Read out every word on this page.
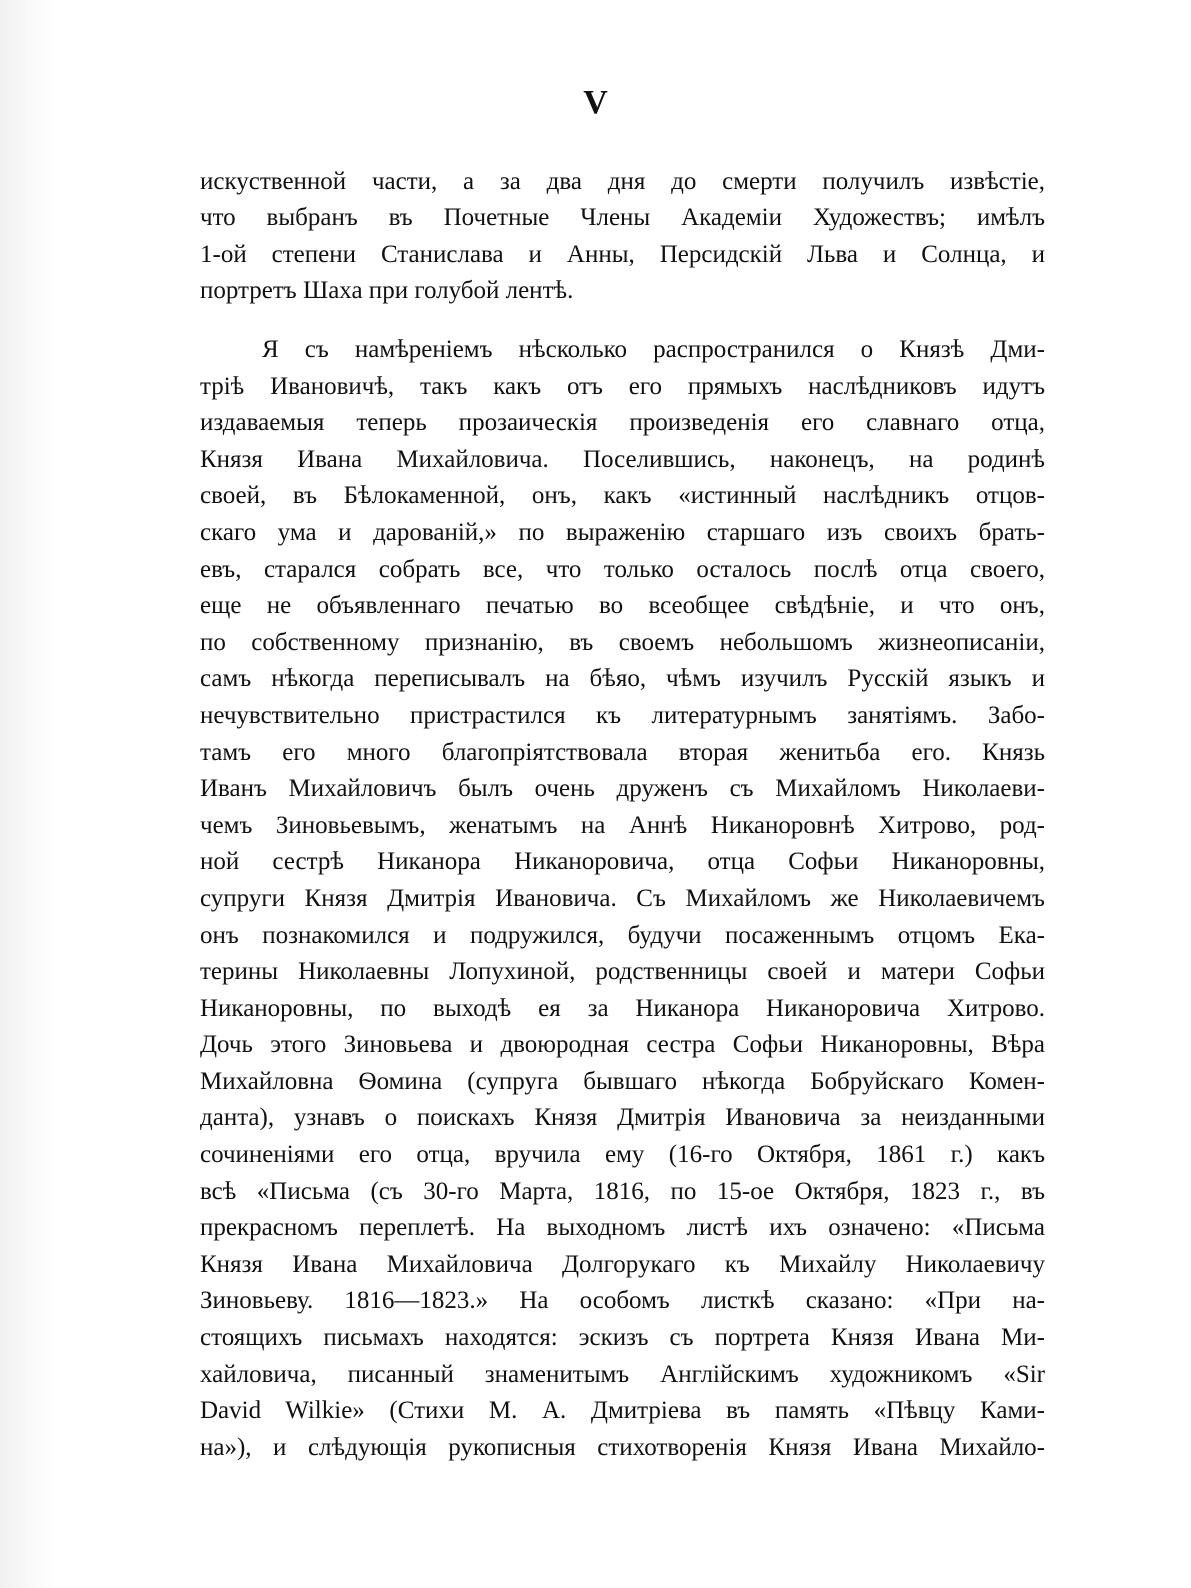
V
искуственной части, а за два дня до смерти получилъ извѣстіе,
что выбранъ въ Почетные Члены Академіи Художествъ; имѣлъ
1-ой степени Станислава и Анны, Персидскій Льва и Солнца, и
портретъ Шаха при голубой лентѣ.
Я съ намѣреніемъ нѣсколько распространился о Князѣ Дми-
тріѣ Ивановичѣ, такъ какъ отъ его прямыхъ наслѣдниковъ идутъ
издаваемыя теперь прозаическія произведенія его славнаго отца,
Князя Ивана Михайловича. Поселившись, наконецъ, на родинѣ
своей, въ Бѣлокаменной, онъ, какъ «истинный наслѣдникъ отцов-
скаго ума и дарованій,» по выраженію старшаго изъ своихъ брать-
евъ, старался собрать все, что только осталось послѣ отца своего,
еще не объявленнаго печатью во всеобщее свѣдѣніе, и что онъ,
по собственному признанію, въ своемъ небольшомъ жизнеописаніи,
самъ нѣкогда переписывалъ на бѣяо, чѣмъ изучилъ Русскій языкъ и
нечувствительно пристрастился къ литературнымъ занятіямъ. Забо-
тамъ его много благопріятствовала вторая женитьба его. Князь
Иванъ Михайловичъ былъ очень друженъ съ Михайломъ Николаеви-
чемъ Зиновьевымъ, женатымъ на Аннѣ Никаноровнѣ Хитрово, род-
ной сестрѣ Никанора Никаноровича, отца Софьи Никаноровны,
супруги Князя Дмитрія Ивановича. Съ Михайломъ же Николаевичемъ
онъ познакомился и подружился, будучи посаженнымъ отцомъ Ека-
терины Николаевны Лопухиной, родственницы своей и матери Софьи
Никаноровны, по выходѣ ея за Никанора Никаноровича Хитрово.
Дочь этого Зиновьева и двоюродная сестра Софьи Никаноровны, Вѣра
Михайловна Ѳомина (супруга бывшаго нѣкогда Бобруйскаго Комен-
данта), узнавъ о поискахъ Князя Дмитрія Ивановича за неизданными
сочиненіями его отца, вручила ему (16-го Октября, 1861 г.) какъ
всѣ «Письма (съ 30-го Марта, 1816, по 15-ое Октября, 1823 г., въ
прекрасномъ переплетѣ. На выходномъ листѣ ихъ означено: «Письма
Князя Ивана Михайловича Долгорукаго къ Михайлу Николаевичу
Зиновьеву. 1816—1823.» На особомъ листкѣ сказано: «При на-
стоящихъ письмахъ находятся: эскизъ съ портрета Князя Ивана Ми-
хайловича, писанный знаменитымъ Англійскимъ художникомъ «Sir
David Wilkie» (Стихи М. А. Дмитріева въ память «Пѣвцу Ками-
на»), и слѣдующія рукописныя стихотворенія Князя Ивана Михайло-
